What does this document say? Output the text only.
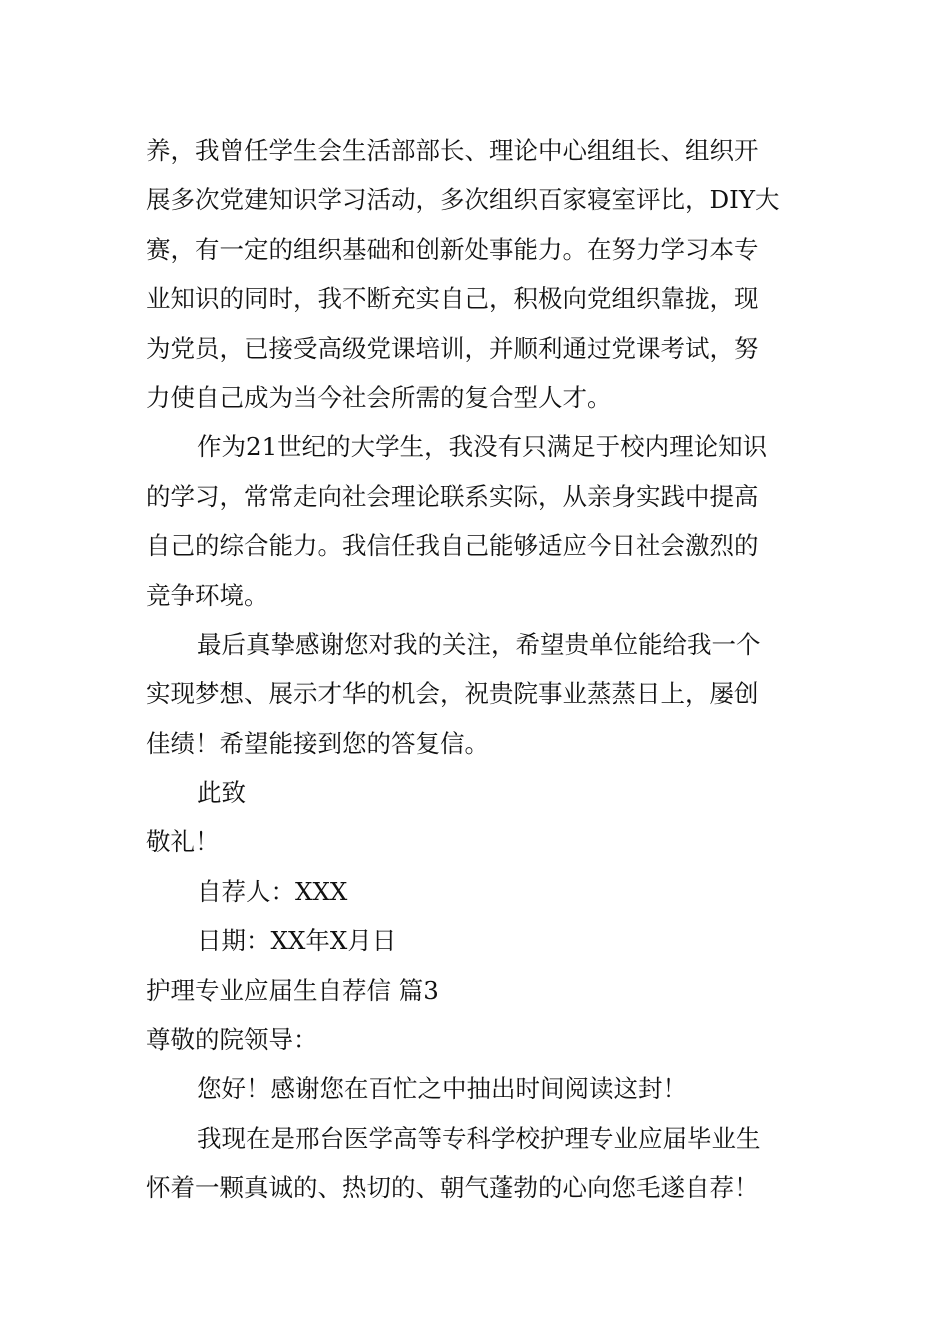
养，我曾任学生会生活部部长、理论中心组组长、组织开
展多次党建知识学习活动，多次组织百家寝室评比，DIY大
赛，有一定的组织基础和创新处事能力。在努力学习本专
业知识的同时，我不断充实自己，积极向党组织靠拢，现
为党员，已接受高级党课培训，并顺利通过党课考试，努
力使自己成为当今社会所需的复合型人才。
作为21世纪的大学生，我没有只满足于校内理论知识
的学习，常常走向社会理论联系实际，从亲身实践中提高
自己的综合能力。我信任我自己能够适应今日社会激烈的
竞争环境。
最后真挚感谢您对我的关注，希望贵单位能给我一个
实现梦想、展示才华的机会，祝贵院事业蒸蒸日上，屡创
佳绩！希望能接到您的答复信。
此致
敬礼！
自荐人：XXX
日期：XX年X月日
护理专业应届生自荐信 篇3
尊敬的院领导：
您好！感谢您在百忙之中抽出时间阅读这封！
我现在是邢台医学高等专科学校护理专业应届毕业生
怀着一颗真诚的、热切的、朝气蓬勃的心向您毛遂自荐！
